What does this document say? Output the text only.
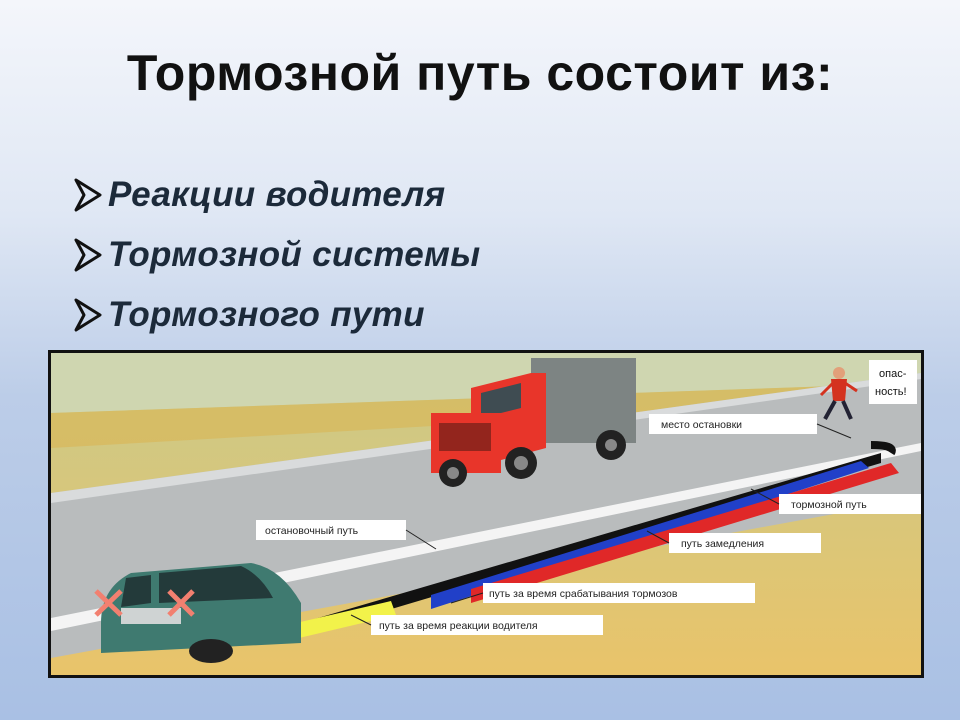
Тормозной путь состоит из:
Реакции водителя
Тормозной системы
Тормозного пути
место остановки
опас-
ность!
тормозной путь
остановочный путь
путь замедления
путь за время срабатывания тормозов
путь за время реакции водителя
